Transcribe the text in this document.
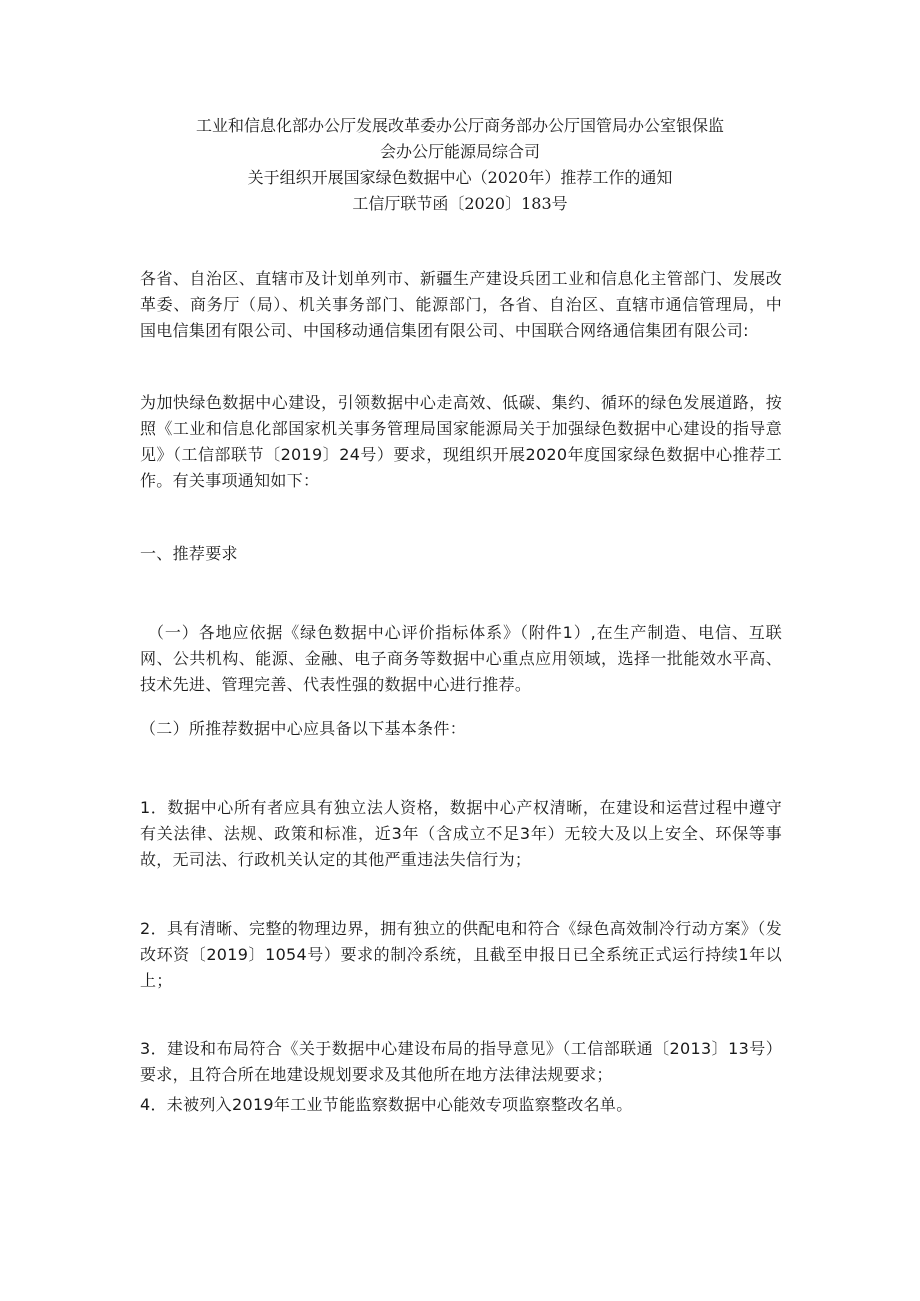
工业和信息化部办公厅发展改革委办公厅商务部办公厅国管局办公室银保监
会办公厅能源局综合司
关于组织开展国家绿色数据中心（2020年）推荐工作的通知
工信厅联节函〔2020〕183号

各省、自治区、直辖市及计划单列市、新疆生产建设兵团工业和信息化主管部门、发展改革委、商务厅（局）、机关事务部门、能源部门，各省、自治区、直辖市通信管理局，中国电信集团有限公司、中国移动通信集团有限公司、中国联合网络通信集团有限公司:

为加快绿色数据中心建设，引领数据中心走高效、低碳、集约、循环的绿色发展道路，按照《工业和信息化部国家机关事务管理局国家能源局关于加强绿色数据中心建设的指导意见》（工信部联节〔2019〕24号）要求，现组织开展2020年度国家绿色数据中心推荐工作。有关事项通知如下：

一、推荐要求

（一）各地应依据《绿色数据中心评价指标体系》（附件1）,在生产制造、电信、互联网、公共机构、能源、金融、电子商务等数据中心重点应用领域，选择一批能效水平高、技术先进、管理完善、代表性强的数据中心进行推荐。

（二）所推荐数据中心应具备以下基本条件：

1．数据中心所有者应具有独立法人资格，数据中心产权清晰，在建设和运营过程中遵守有关法律、法规、政策和标准，近3年（含成立不足3年）无较大及以上安全、环保等事故，无司法、行政机关认定的其他严重违法失信行为；

2．具有清晰、完整的物理边界，拥有独立的供配电和符合《绿色高效制冷行动方案》（发改环资〔2019〕1054号）要求的制冷系统，且截至申报日已全系统正式运行持续1年以上；

3．建设和布局符合《关于数据中心建设布局的指导意见》（工信部联通〔2013〕13号）要求，且符合所在地建设规划要求及其他所在地方法律法规要求；

4．未被列入2019年工业节能监察数据中心能效专项监察整改名单。
